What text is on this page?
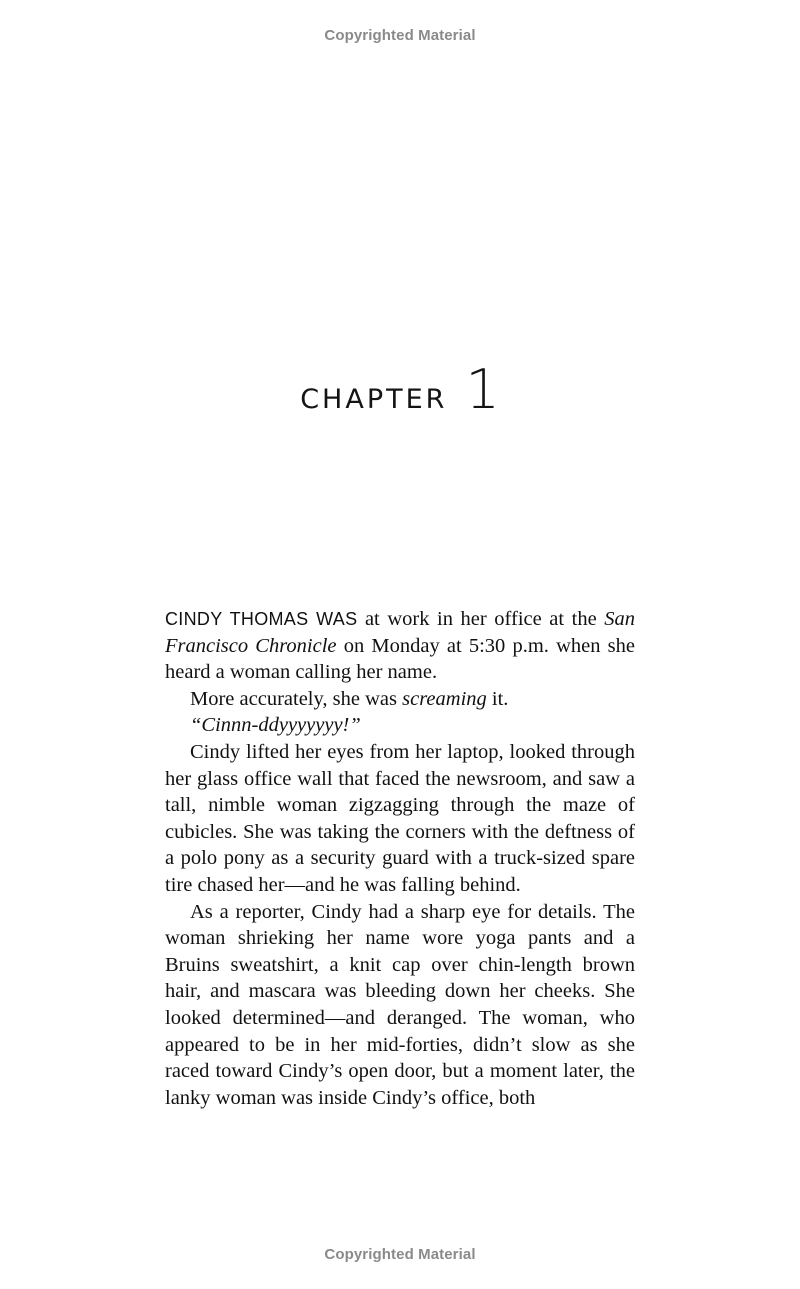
Copyrighted Material
CHAPTER 1

CINDY THOMAS WAS at work in her office at the San Francisco Chronicle on Monday at 5:30 p.m. when she heard a woman calling her name.

More accurately, she was screaming it.

“Cinnn-ddyyyyyyy!”

Cindy lifted her eyes from her laptop, looked through her glass office wall that faced the newsroom, and saw a tall, nimble woman zigzagging through the maze of cubicles. She was taking the corners with the deftness of a polo pony as a security guard with a truck-sized spare tire chased her—and he was falling behind.

As a reporter, Cindy had a sharp eye for details. The woman shrieking her name wore yoga pants and a Bruins sweatshirt, a knit cap over chin-length brown hair, and mascara was bleeding down her cheeks. She looked determined—and deranged. The woman, who appeared to be in her mid-forties, didn’t slow as she raced toward Cindy’s open door, but a moment later, the lanky woman was inside Cindy’s office, both

Copyrighted Material
